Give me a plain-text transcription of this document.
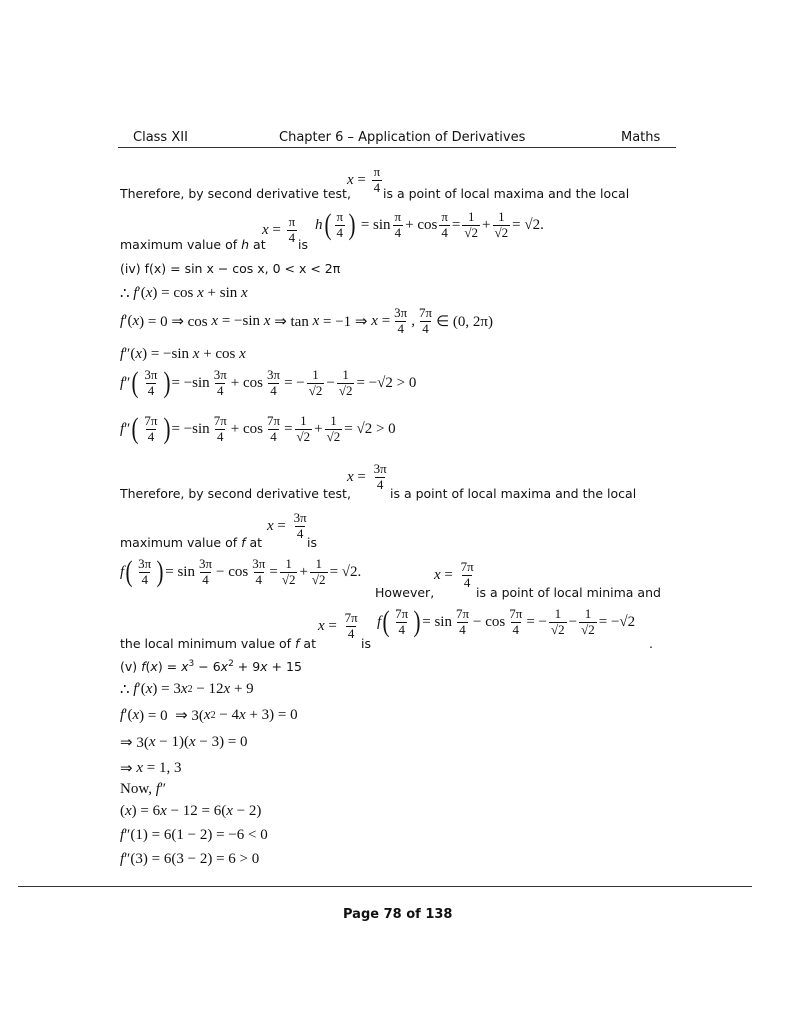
Class XII	Chapter 6 – Application of Derivatives	Maths
Therefore, by second derivative test,
$x = \frac{\pi}{4}$ is a point of local maxima and the local
maximum value of h at
$x = \frac{\pi}{4}$ is
h ( $\frac{\pi}{4}$ ) = $\sin \frac{\pi}{4} + \cos \frac{\pi}{4} = \frac{1}{√2} + \frac{1}{√2} = √2$.
(iv) f(x) = sin x − cos x, 0 < x < 2π
∴ f ′( x ) = cos x + sin x
f ′( x ) = 0 ⇒ cos x = −sin x ⇒ tan x = −1 ⇒ $x = \frac{3\pi}{4}$ , $\frac{7\pi}{4}$ ∈ (0, 2π)
f ″( x ) = −sin x + cos x
f ″ ( $\frac{3\pi}{4}$ ) = $-\sin \frac{3\pi}{4} + \cos \frac{3\pi}{4}$ = − $\frac{1}{√2} - \frac{1}{√2} = -√2 > 0$
f ″ ( $\frac{7\pi}{4}$ ) = $-\sin \frac{7\pi}{4} + \cos \frac{7\pi}{4} = \frac{1}{√2} + \frac{1}{√2} = √2 > 0$
$x = \frac{3\pi}{4}$
Therefore, by second derivative test,	is a point of local maxima and the local
$x = \frac{3\pi}{4}$
maximum value of f at	is
f ( $\frac{3\pi}{4}$ ) = $\sin \frac{3\pi}{4} - \cos \frac{3\pi}{4} = \frac{1}{√2} + \frac{1}{√2} = √2$.
However,
$x = \frac{7\pi}{4}$
is a point of local minima and
$x = \frac{7\pi}{4}$
the local minimum value of f at	is
f ( $\frac{7\pi}{4}$ ) = $\sin \frac{7\pi}{4} - \cos \frac{7\pi}{4}$ = − $\frac{1}{√2} - \frac{1}{√2} = -√2$
.
(v) $f(x) = x^3 - 6x^2 + 9x + 15$
∴ f ′( x ) = 3 x 2 − 12 x + 9
f ′( x ) = 0  ⇒ 3( x 2 − 4 x + 3) = 0
⇒ 3( x − 1)( x − 3) = 0
⇒ x = 1, 3
Now, f ″
( x ) = 6 x − 12 = 6( x − 2)
f ″(1) = 6(1 − 2) = −6 < 0
f ″(3) = 6(3 − 2) = 6 > 0
Page 78 of 138
